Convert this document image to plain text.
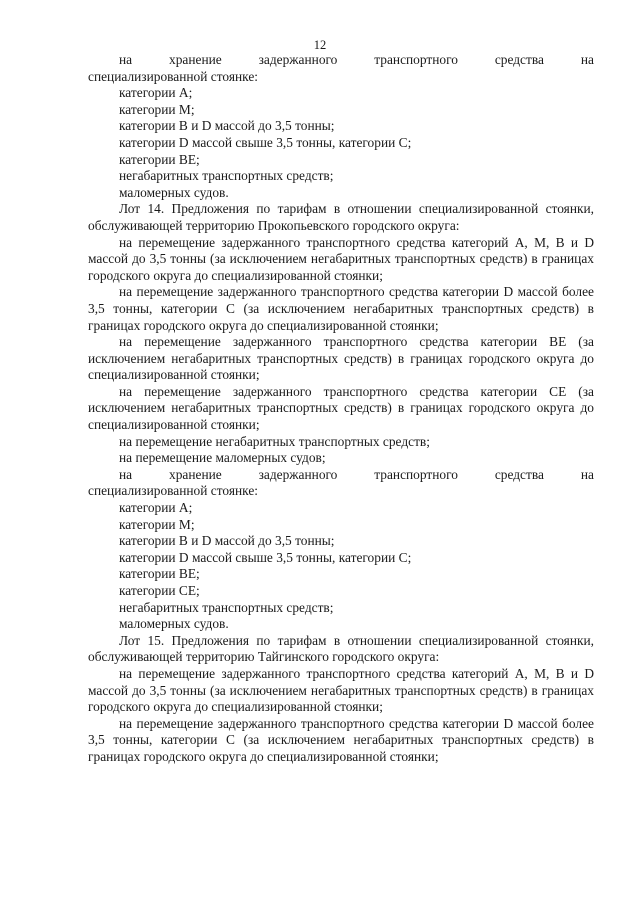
12
на	хранение	задержанного	транспортного	средства	на

специализированной стоянке:

категории А;

категории М;

категории В и D массой до 3,5 тонны;

категории D массой свыше 3,5 тонны, категории С;

категории ВЕ;

негабаритных транспортных средств;

маломерных судов.

Лот 14. Предложения по тарифам в отношении специализированной стоянки, обслуживающей территорию Прокопьевского городского округа:

на перемещение задержанного транспортного средства категорий А, М, В и D массой до 3,5 тонны (за исключением негабаритных транспортных средств) в границах городского округа до специализированной стоянки;

на перемещение задержанного транспортного средства категории D массой более 3,5 тонны, категории С (за исключением негабаритных транспортных средств) в границах городского округа до специализированной стоянки;

на перемещение задержанного транспортного средства категории ВЕ (за исключением негабаритных транспортных средств) в границах городского округа до специализированной стоянки;

на перемещение задержанного транспортного средства категории СЕ (за исключением негабаритных транспортных средств) в границах городского округа до специализированной стоянки;

на перемещение негабаритных транспортных средств;

на перемещение маломерных судов;

на	хранение	задержанного	транспортного	средства	на

специализированной стоянке:

категории А;

категории М;

категории В и D массой до 3,5 тонны;

категории D массой свыше 3,5 тонны, категории С;

категории ВЕ;

категории СЕ;

негабаритных транспортных средств;

маломерных судов.

Лот 15. Предложения по тарифам в отношении специализированной стоянки, обслуживающей территорию Тайгинского городского округа:

на перемещение задержанного транспортного средства категорий А, М, В и D массой до 3,5 тонны (за исключением негабаритных транспортных средств) в границах городского округа до специализированной стоянки;

на перемещение задержанного транспортного средства категории D массой более 3,5 тонны, категории С (за исключением негабаритных транспортных средств) в границах городского округа до специализированной стоянки;
